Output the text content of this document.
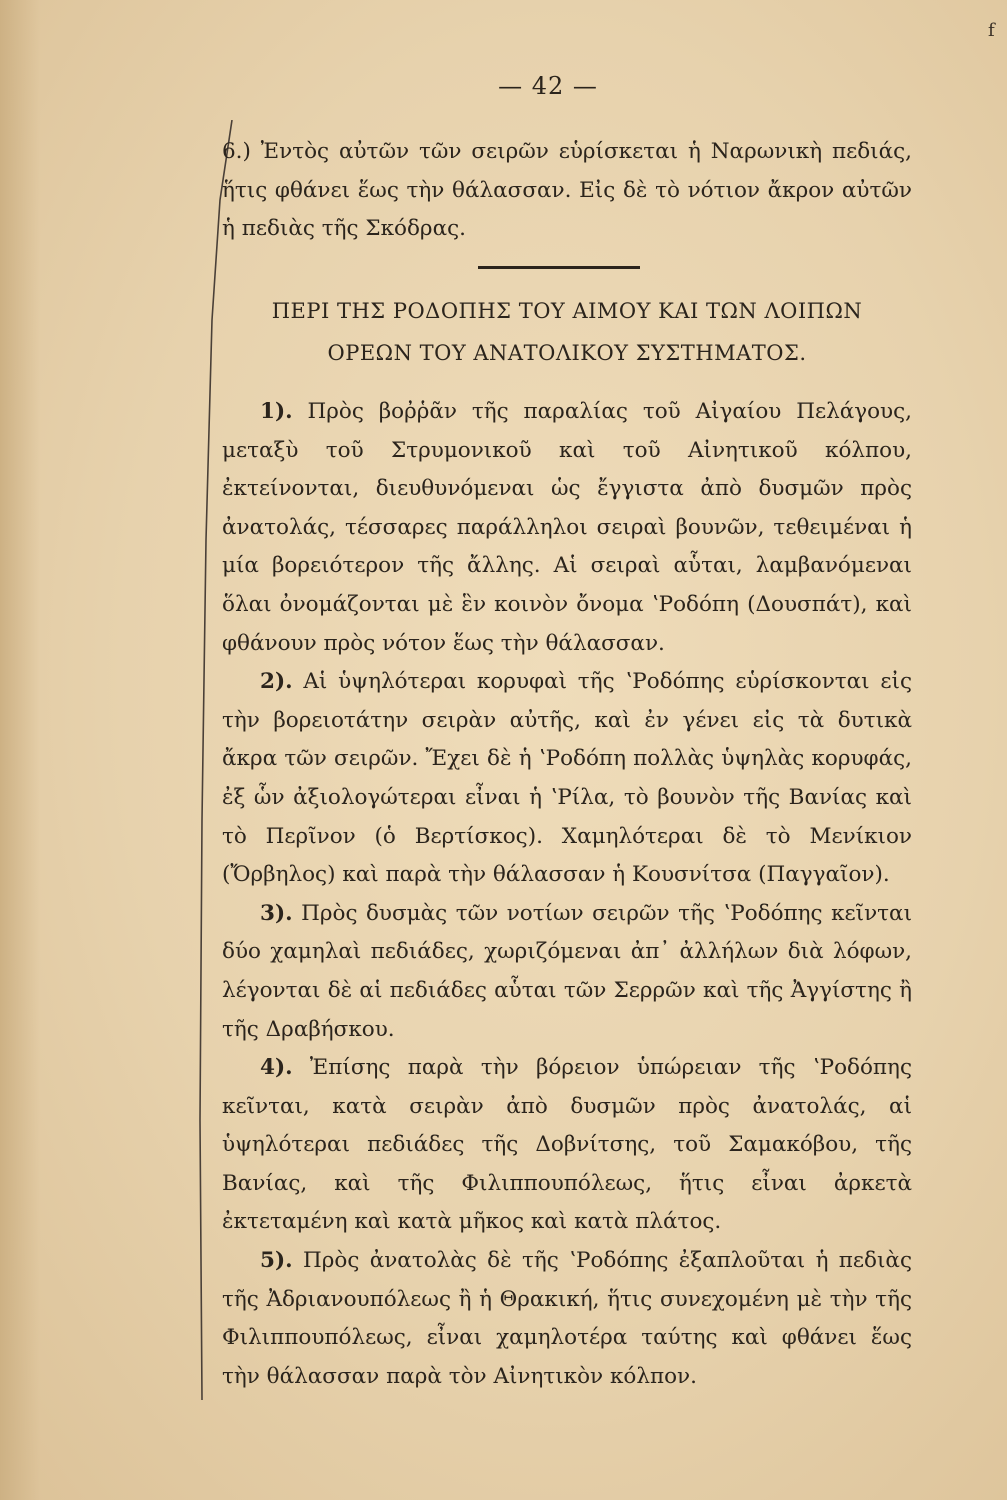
f
— 42 —

6.) Ἐντὸς αὐτῶν τῶν σειρῶν εὑρίσκεται ἡ Ναρωνικὴ πεδιάς, ἥτις φθάνει ἕως τὴν θάλασσαν. Εἰς δὲ τὸ νότιον ἄκρον αὐτῶν ἡ πεδιὰς τῆς Σκόδρας.

ΠΕΡΙ ΤΗΣ ΡΟΔΟΠΗΣ ΤΟΥ ΑΙΜΟΥ ΚΑΙ ΤΩΝ ΛΟΙΠΩΝ
ΟΡΕΩΝ ΤΟΥ ΑΝΑΤΟΛΙΚΟΥ ΣΥΣΤΗΜΑΤΟΣ.

1). Πρὸς βοῤῥᾶν τῆς παραλίας τοῦ Αἰγαίου Πελάγους, μεταξὺ τοῦ Στρυμονικοῦ καὶ τοῦ Αἰνητικοῦ κόλπου, ἐκτείνονται, διευθυνόμεναι ὡς ἔγγιστα ἀπὸ δυσμῶν πρὸς ἀνατολάς, τέσσαρες παράλληλοι σειραὶ βουνῶν, τεθειμέναι ἡ μία βορειότερον τῆς ἄλλης. Αἱ σειραὶ αὗται, λαμβανόμεναι ὅλαι ὀνομάζονται μὲ ἓν κοινὸν ὄνομα ʽΡοδόπη (Δουσπάτ), καὶ φθάνουν πρὸς νότον ἕως τὴν θάλασσαν.

2). Αἱ ὑψηλότεραι κορυφαὶ τῆς ʽΡοδόπης εὑρίσκονται εἰς τὴν βορειοτάτην σειρὰν αὐτῆς, καὶ ἐν γένει εἰς τὰ δυτικὰ ἄκρα τῶν σειρῶν. Ἔχει δὲ ἡ ʽΡοδόπη πολλὰς ὑψηλὰς κορυφάς, ἐξ ὧν ἀξιολογώτεραι εἶναι ἡ ʽΡίλα, τὸ βουνὸν τῆς Βανίας καὶ τὸ Περῖνον (ὁ Βερτίσκος). Χαμηλότεραι δὲ τὸ Μενίκιον (Ὄρβηλος) καὶ παρὰ τὴν θάλασσαν ἡ Κουσνίτσα (Παγγαῖον).

3). Πρὸς δυσμὰς τῶν νοτίων σειρῶν τῆς ʽΡοδόπης κεῖνται δύο χαμηλαὶ πεδιάδες, χωριζόμεναι ἀπ᾽ ἀλλήλων διὰ λόφων, λέγονται δὲ αἱ πεδιάδες αὗται τῶν Σερρῶν καὶ τῆς Ἀγγίστης ἢ τῆς Δραβήσκου.

4). Ἐπίσης παρὰ τὴν βόρειον ὑπώρειαν τῆς ʽΡοδόπης κεῖνται, κατὰ σειρὰν ἀπὸ δυσμῶν πρὸς ἀνατολάς, αἱ ὑψηλότεραι πεδιάδες τῆς Δοβνίτσης, τοῦ Σαμακόβου, τῆς Βανίας, καὶ τῆς Φιλιππουπόλεως, ἥτις εἶναι ἀρκετὰ ἐκτεταμένη καὶ κατὰ μῆκος καὶ κατὰ πλάτος.

5). Πρὸς ἀνατολὰς δὲ τῆς ʽΡοδόπης ἐξαπλοῦται ἡ πεδιὰς τῆς Ἀδριανουπόλεως ἢ ἡ Θρακική, ἥτις συνεχομένη μὲ τὴν τῆς Φιλιππουπόλεως, εἶναι χαμηλοτέρα ταύτης καὶ φθάνει ἕως τὴν θάλασσαν παρὰ τὸν Αἰνητικὸν κόλπον.
